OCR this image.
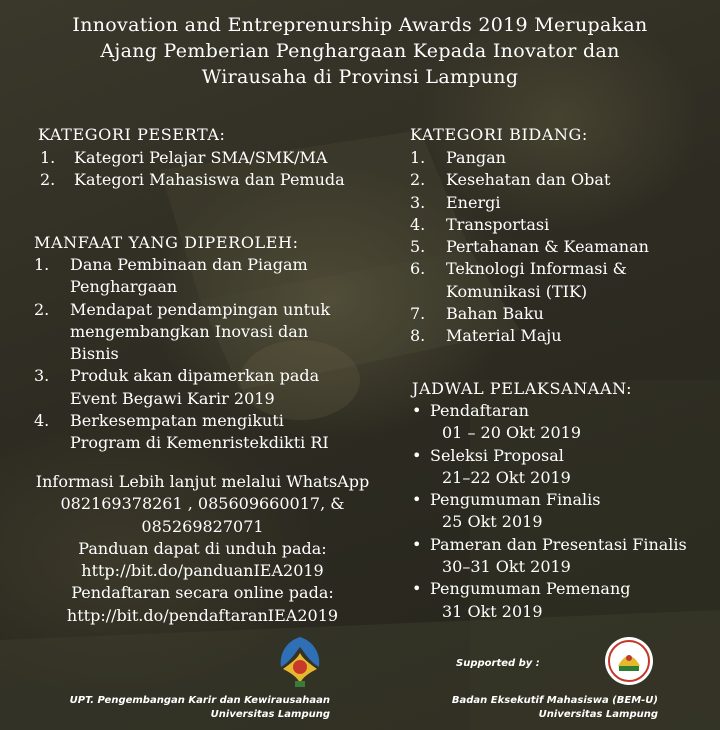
Innovation and Entreprenurship Awards 2019 Merupakan
Ajang Pemberian Penghargaan Kepada Inovator dan
Wirausaha di Provinsi Lampung
KATEGORI PESERTA:
1. Kategori Pelajar SMA/SMK/MA
2. Kategori Mahasiswa dan Pemuda
MANFAAT YANG DIPEROLEH:
1. Dana Pembinaan dan Piagam
Penghargaan
2. Mendapat pendampingan untuk
mengembangkan Inovasi dan
Bisnis
3. Produk akan dipamerkan pada
Event Begawi Karir 2019
4. Berkesempatan mengikuti
Program di Kemenristekdikti RI
Informasi Lebih lanjut melalui WhatsApp
082169378261 , 085609660017, &
085269827071
Panduan dapat di unduh pada:
http://bit.do/panduanIEA2019
Pendaftaran secara online pada:
http://bit.do/pendaftaranIEA2019
KATEGORI BIDANG:
1. Pangan
2. Kesehatan dan Obat
3. Energi
4. Transportasi
5. Pertahanan & Keamanan
6. Teknologi Informasi &
Komunikasi (TIK)
7. Bahan Baku
8. Material Maju
JADWAL PELAKSANAAN:
• Pendaftaran
01 – 20 Okt 2019
• Seleksi Proposal
21–22 Okt 2019
• Pengumuman Finalis
25 Okt 2019
• Pameran dan Presentasi Finalis
30–31 Okt 2019
• Pengumuman Pemenang
31 Okt 2019
UPT. Pengembangan Karir dan Kewirausahaan
Universitas Lampung
Supported by :
Badan Eksekutif Mahasiswa (BEM-U)
Universitas Lampung
